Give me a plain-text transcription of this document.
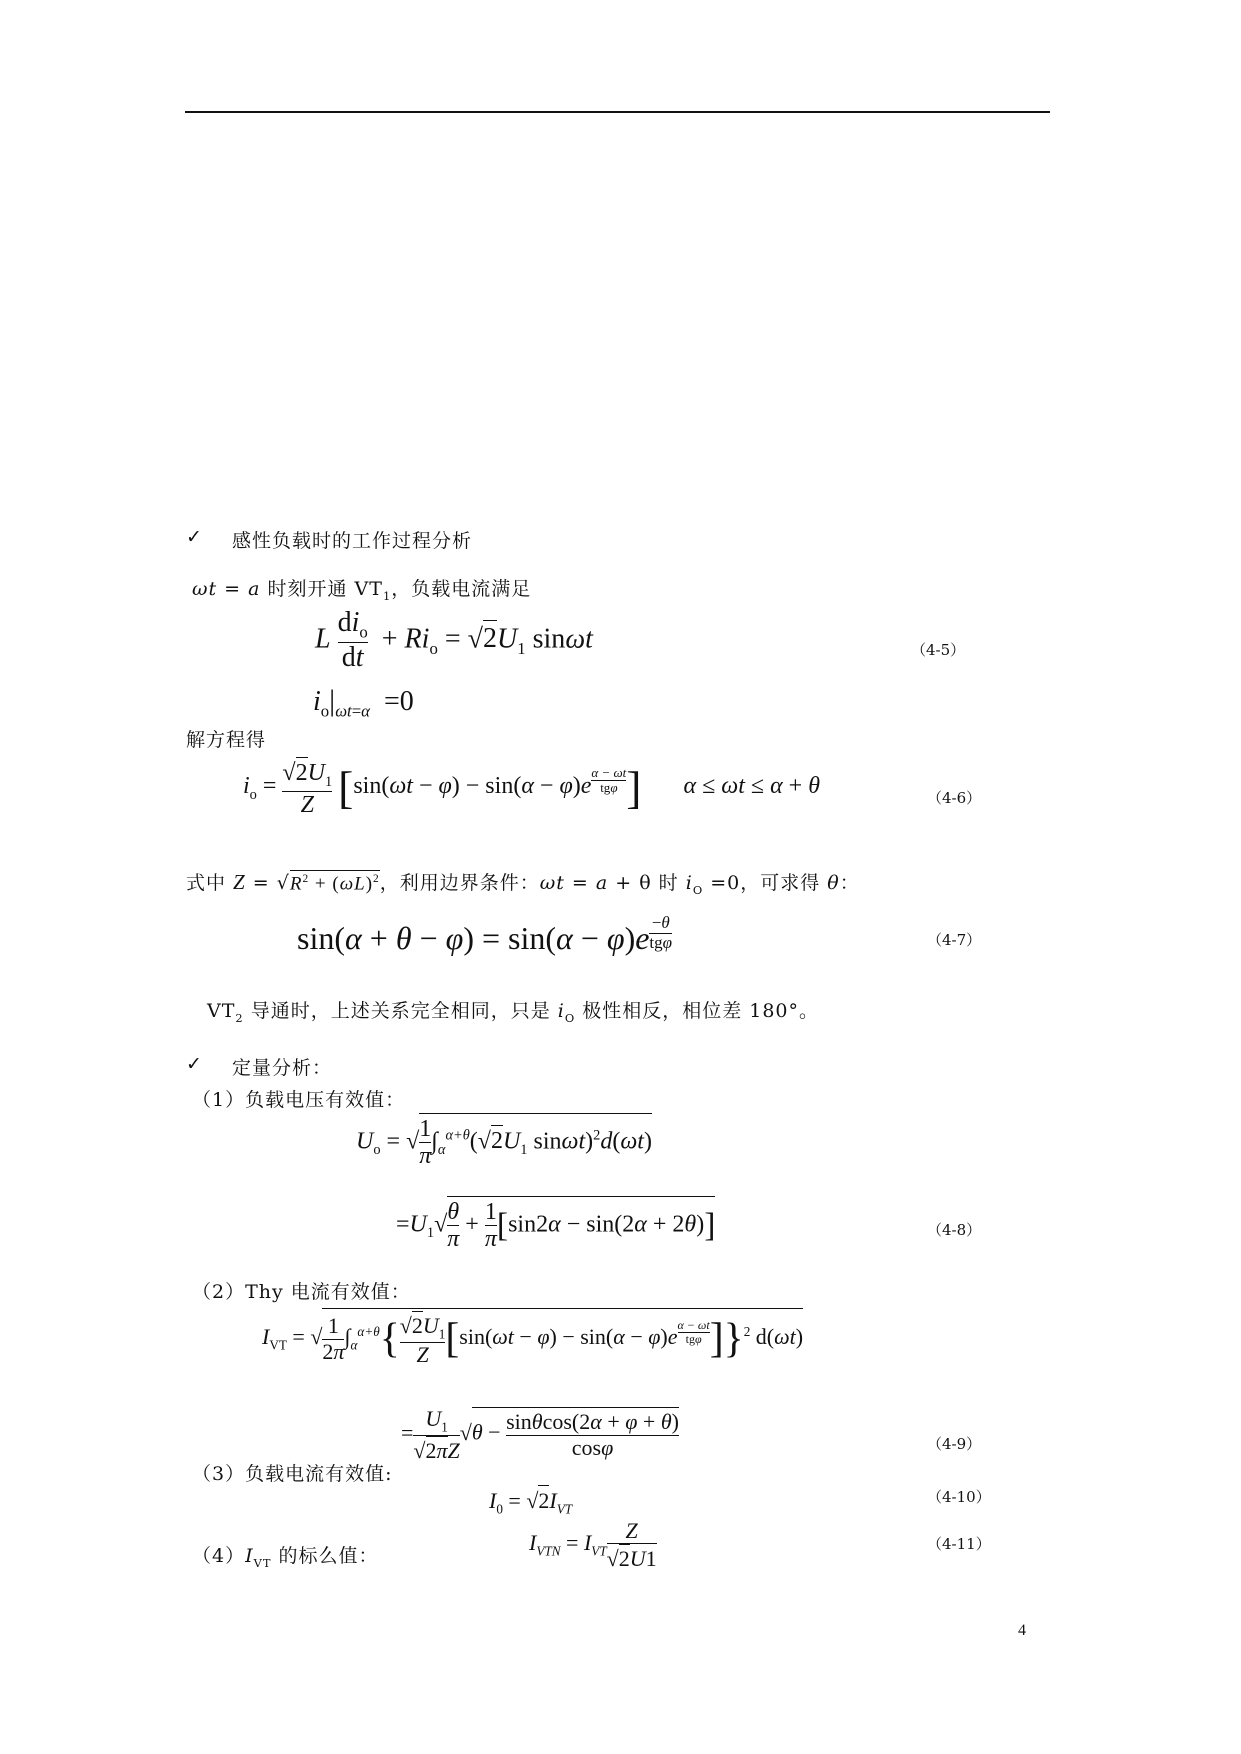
✓ 感性负载时的工作过程分析
ωt = a 时刻开通 $VT_1$，负载电流满足
L $\frac{di_o}{dt} + Ri_o = √2U_1$ sinωt	（4-5）
$i_o|_{\omega t=\alpha} =0$
解方程得
$i_o = \frac{√2U_1}{Z} [\sin(\omega t - \varphi) - \sin(\alpha - \varphi)e$ $^{\frac{\alpha - \omega t}{\text{tgφ}}}$ ] α ≤ ωt ≤ α + θ	（4-6）
式中 $Z = √R^2 + (\omega L)^2$，利用边界条件：ωt = a + θ 时 $i_O =0$，可求得 θ：
sin(α + θ − φ) = sin(α − φ)e $^{\frac{-\theta}{\text{tgφ}}}$	（4-7）
$VT_2$ 导通时，上述关系完全相同，只是 $i_O$ 极性相反，相位差 180°。
✓ 定量分析：
（1）负载电压有效值：
$U_o$ = √ $\frac{1}{\pi} \int_\alpha^{\alpha+\theta}(√2U_1$ sinωt)$^2$d(ωt)
$=U_1√ \frac{\theta}{\pi} + \frac{1}{\pi} [\sin 2\alpha - \sin(2\alpha + 2\theta)]$	（4-8）
（2）Thy 电流有效值：
$I_{VT}$ = √ $\frac{1}{2\pi} \int_\alpha^{\alpha+\theta}\{ \frac{√2U_1}{Z} [\sin(\omega t - \varphi) - \sin(\alpha - \varphi)e$ $^{\frac{\alpha - \omega t}{\text{tgφ}}}$ ]}$^2$ d(ωt)
= $\frac{U_1}{√2\pi Z} √\theta - \frac{\sin\theta\cos(2\alpha + \varphi + \theta)}{\cos\varphi}$	（4-9）
（3）负载电流有效值:
$I_0 = √2I_{VT}$
（4-10）
$(4)I_{VT}$ 的标么值：
$I_{VTN} = I_{VT} \frac{Z}{√2U1}$	（4-11）
4
